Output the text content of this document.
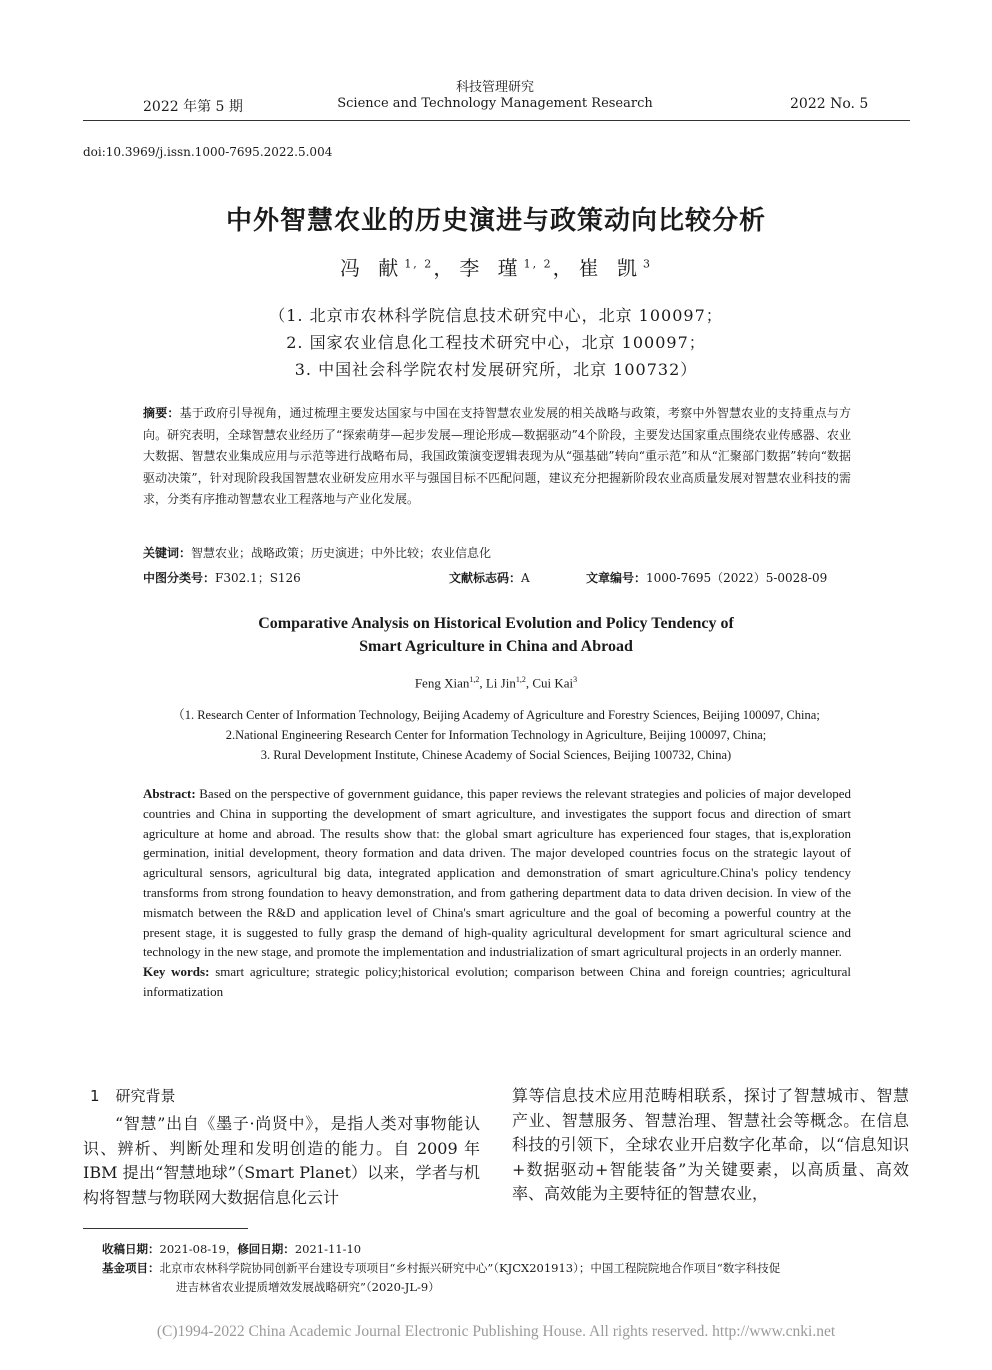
2022 年第 5 期
科技管理研究
Science and Technology Management Research	2022 No. 5
doi:10.3969/j.issn.1000-7695.2022.5.004
中外智慧农业的历史演进与政策动向比较分析
冯 献$^{1, 2}$，李 瑾$^{1, 2}$，崔 凯$^3$
（1. 北京市农林科学院信息技术研究中心，北京 100097；
2. 国家农业信息化工程技术研究中心，北京 100097；
3. 中国社会科学院农村发展研究所，北京 100732）
摘要：基于政府引导视角，通过梳理主要发达国家与中国在支持智慧农业发展的相关战略与政策，考察中外智慧农业的支持重点与方向。研究表明，全球智慧农业经历了“探索萌芽—起步发展—理论形成—数据驱动”4个阶段，主要发达国家重点围绕农业传感器、农业大数据、智慧农业集成应用与示范等进行战略布局，我国政策演变逻辑表现为从“强基础”转向“重示范”和从“汇聚部门数据”转向“数据驱动决策”，针对现阶段我国智慧农业研发应用水平与强国目标不匹配问题，建议充分把握新阶段农业高质量发展对智慧农业科技的需求，分类有序推动智慧农业工程落地与产业化发展。
关键词：智慧农业；战略政策；历史演进；中外比较；农业信息化
中图分类号：F302.1；S126	文献标志码：A	文章编号：1000-7695（2022）5-0028-09
Comparative Analysis on Historical Evolution and Policy Tendency of
Smart Agriculture in China and Abroad
Feng Xian$^{1,2}$, Li Jin$^{1,2}$, Cui Kai$^3$
（1. Research Center of Information Technology, Beijing Academy of Agriculture and Forestry Sciences, Beijing 100097, China;
2.National Engineering Research Center for Information Technology in Agriculture, Beijing 100097, China;
3. Rural Development Institute, Chinese Academy of Social Sciences, Beijing 100732, China)
Abstract: Based on the perspective of government guidance, this paper reviews the relevant strategies and policies of major developed countries and China in supporting the development of smart agriculture, and investigates the support focus and direction of smart agriculture at home and abroad. The results show that: the global smart agriculture has experienced four stages, that is,exploration germination, initial development, theory formation and data driven. The major developed countries focus on the strategic layout of agricultural sensors, agricultural big data, integrated application and demonstration of smart agriculture.China's policy tendency transforms from strong foundation to heavy demonstration, and from gathering department data to data driven decision. In view of the mismatch between the R&D and application level of China's smart agriculture and the goal of becoming a powerful country at the present stage, it is suggested to fully grasp the demand of high-quality agricultural development for smart agricultural science and technology in the new stage, and promote the implementation and industrialization of smart agricultural projects in an orderly manner.
Key words: smart agriculture; strategic policy;historical evolution; comparison between China and foreign countries; agricultural informatization
1 研究背景
“智慧”出自《墨子·尚贤中》，是指人类对事物能认识、辨析、判断处理和发明创造的能力。自 2009 年 IBM 提出“智慧地球”（Smart Planet）以来，学者与机构将智慧与物联网大数据信息化云计
算等信息技术应用范畴相联系，探讨了智慧城市、智慧产业、智慧服务、智慧治理、智慧社会等概念。在信息科技的引领下，全球农业开启数字化革命，以“信息知识+数据驱动+智能装备”为关键要素，以高质量、高效率、高效能为主要特征的智慧农业，
收稿日期：2021-08-19，修回日期：2021-11-10
基金项目：北京市农林科学院协同创新平台建设专项项目“乡村振兴研究中心”（KJCX201913）；中国工程院院地合作项目“数字科技促
进吉林省农业提质增效发展战略研究”（2020-JL-9）
(C)1994-2022 China Academic Journal Electronic Publishing House. All rights reserved. http://www.cnki.net
